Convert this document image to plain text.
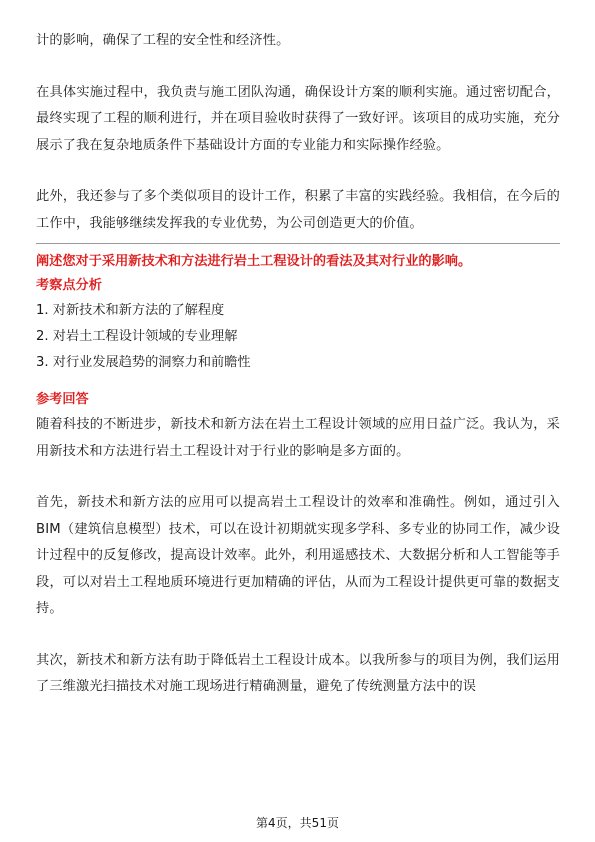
计的影响，确保了工程的安全性和经济性。

在具体实施过程中，我负责与施工团队沟通，确保设计方案的顺利实施。通过密切配合，最终实现了工程的顺利进行，并在项目验收时获得了一致好评。该项目的成功实施，充分展示了我在复杂地质条件下基础设计方面的专业能力和实际操作经验。

此外，我还参与了多个类似项目的设计工作，积累了丰富的实践经验。我相信，在今后的工作中，我能够继续发挥我的专业优势，为公司创造更大的价值。

阐述您对于采用新技术和方法进行岩土工程设计的看法及其对行业的影响。

考察点分析

1. 对新技术和新方法的了解程度
2. 对岩土工程设计领域的专业理解
3. 对行业发展趋势的洞察力和前瞻性

参考回答

随着科技的不断进步，新技术和新方法在岩土工程设计领域的应用日益广泛。我认为，采用新技术和方法进行岩土工程设计对于行业的影响是多方面的。

首先，新技术和新方法的应用可以提高岩土工程设计的效率和准确性。例如，通过引入BIM（建筑信息模型）技术，可以在设计初期就实现多学科、多专业的协同工作，减少设计过程中的反复修改，提高设计效率。此外，利用遥感技术、大数据分析和人工智能等手段，可以对岩土工程地质环境进行更加精确的评估，从而为工程设计提供更可靠的数据支持。

其次，新技术和新方法有助于降低岩土工程设计成本。以我所参与的项目为例，我们运用了三维激光扫描技术对施工现场进行精确测量，避免了传统测量方法中的误

第4页，共51页
